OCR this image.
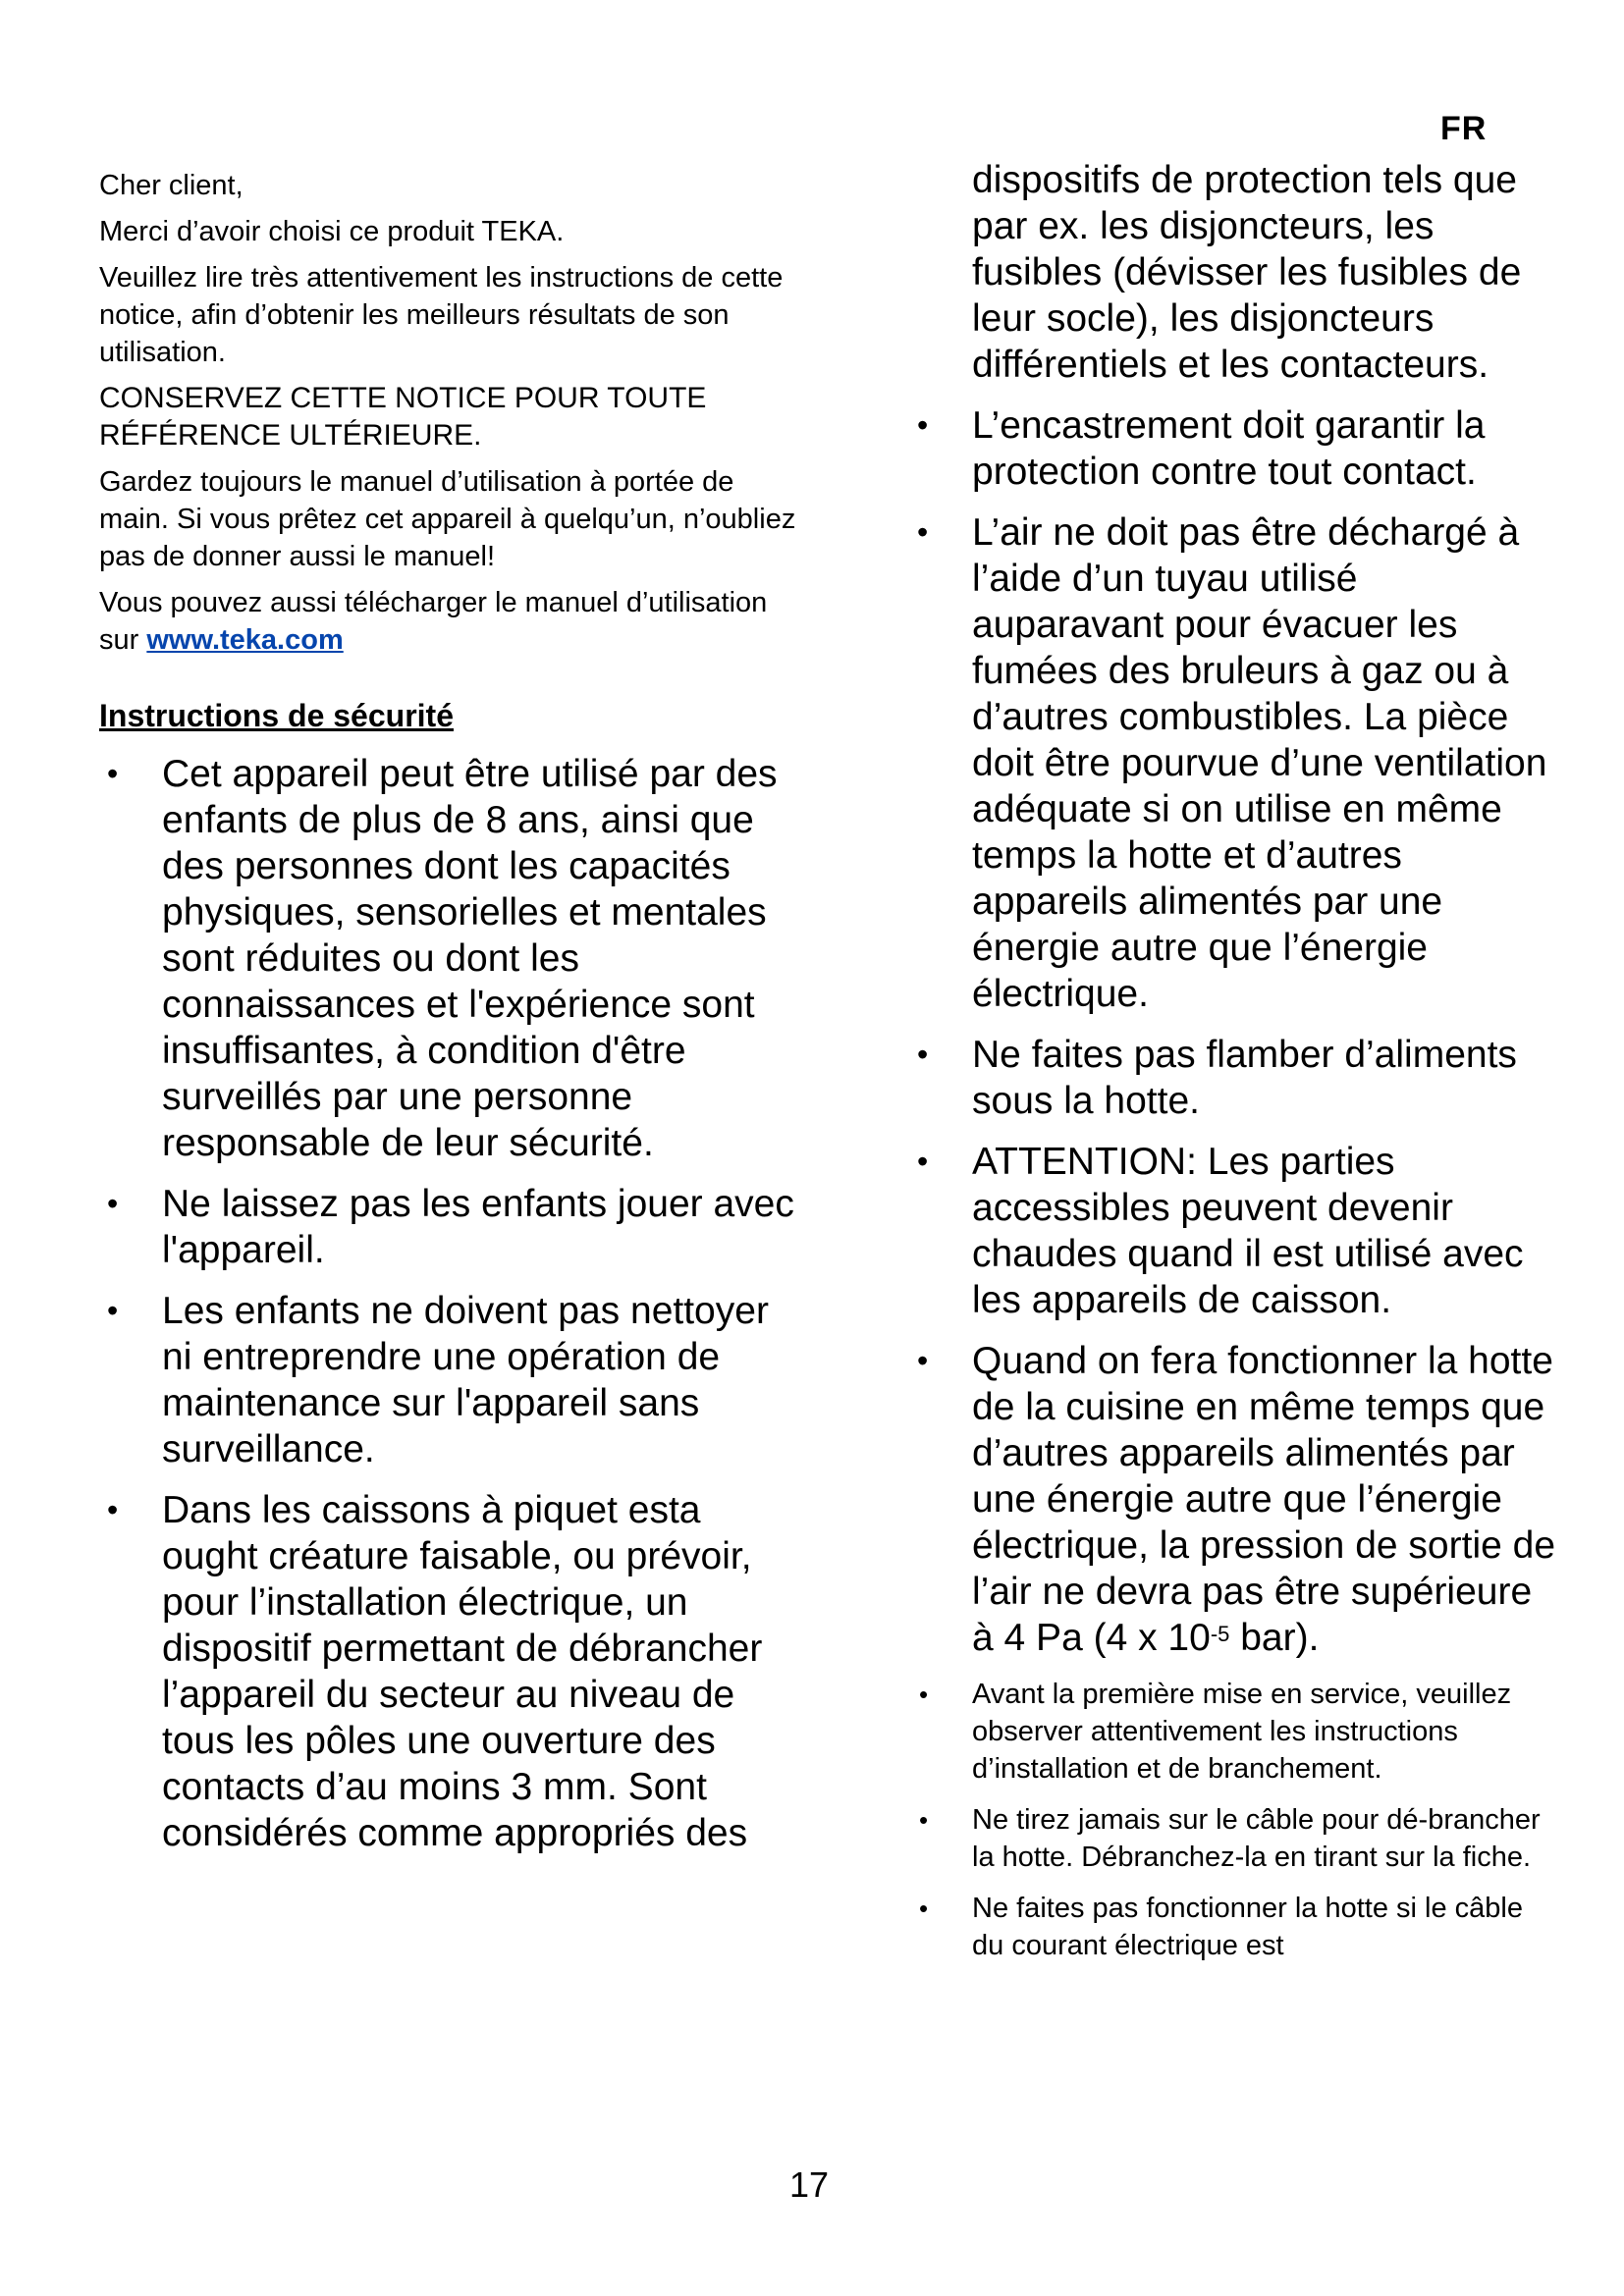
FR

Cher client,

Merci d’avoir choisi ce produit TEKA.

Veuillez lire très attentivement les instructions de cette notice, afin d’obtenir les meilleurs résultats de son utilisation.

CONSERVEZ CETTE NOTICE POUR TOUTE RÉFÉRENCE ULTÉRIEURE.

Gardez toujours le manuel d’utilisation à portée de main. Si vous prêtez cet appareil à quelqu’un, n’oubliez pas de donner aussi le manuel!

Vous pouvez aussi télécharger le manuel d’utilisation sur www.teka.com

Instructions de sécurité
• Cet appareil peut être utilisé par des enfants de plus de 8 ans, ainsi que des personnes dont les capacités physiques, sensorielles et mentales sont réduites ou dont les connaissances et l'expérience sont insuffisantes, à condition d'être surveillés par une personne responsable de leur sécurité.
• Ne laissez pas les enfants jouer avec l'appareil.
• Les enfants ne doivent pas nettoyer ni entreprendre une opération de maintenance sur l'appareil sans surveillance.
• Dans les caissons à piquet esta ought créature faisable, ou prévoir, pour l’installation électrique, un dispositif permettant de débrancher l’appareil du secteur au niveau de tous les pôles une ouverture des contacts d’au moins 3 mm. Sont considérés comme appropriés des
dispositifs de protection tels que par ex. les disjoncteurs, les fusibles (dévisser les fusibles de leur socle), les disjoncteurs différentiels et les contacteurs.
• L’encastrement doit garantir la protection contre tout contact.
• L’air ne doit pas être déchargé à l’aide d’un tuyau utilisé auparavant pour évacuer les fumées des bruleurs à gaz ou à d’autres combustibles. La pièce doit être pourvue d’une ventilation adéquate si on utilise en même temps la hotte et d’autres appareils alimentés par une énergie autre que l’énergie électrique.
• Ne faites pas flamber d’aliments sous la hotte.
• ATTENTION: Les parties accessibles peuvent devenir chaudes quand il est utilisé avec les appareils de caisson.
• Quand on fera fonctionner la hotte de la cuisine en même temps que d’autres appareils alimentés par une énergie autre que l’énergie électrique, la pression de sortie de l’air ne devra pas être supérieure à 4 Pa (4 x $10^{-5}$ bar).
• Avant la première mise en service, veuillez observer attentivement les instructions d’installation et de branchement.
• Ne tirez jamais sur le câble pour dé-brancher la hotte. Débranchez-la en tirant sur la fiche.
• Ne faites pas fonctionner la hotte si le câble du courant électrique est
17
